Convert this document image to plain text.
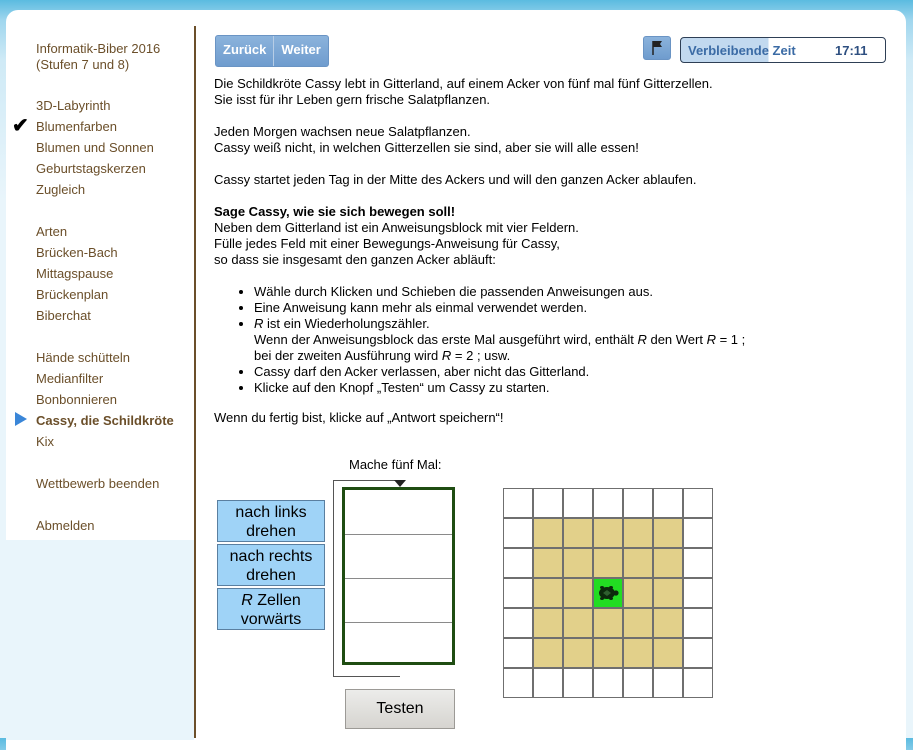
Informatik-Biber 2016
(Stufen 7 und 8)
3D-Labyrinth
✔ Blumenfarben
Blumen und Sonnen
Geburtstagskerzen
Zugleich
Arten
Brücken-Bach
Mittagspause
Brückenplan
Biberchat
Hände schütteln
Medianfilter
Bonbonnieren
Cassy, die Schildkröte
Kix
Wettbewerb beenden
Abmelden
Zurück	Weiter	Verbleibende Zeit	17:11

Die Schildkröte Cassy lebt in Gitterland, auf einem Acker von fünf mal fünf Gitterzellen.
Sie isst für ihr Leben gern frische Salatpflanzen.

Jeden Morgen wachsen neue Salatpflanzen.
Cassy weiß nicht, in welchen Gitterzellen sie sind, aber sie will alle essen!

Cassy startet jeden Tag in der Mitte des Ackers und will den ganzen Acker ablaufen.

Sage Cassy, wie sie sich bewegen soll!
Neben dem Gitterland ist ein Anweisungsblock mit vier Feldern.
Fülle jedes Feld mit einer Bewegungs-Anweisung für Cassy,
so dass sie insgesamt den ganzen Acker abläuft:

• Wähle durch Klicken und Schieben die passenden Anweisungen aus.
• Eine Anweisung kann mehr als einmal verwendet werden.
• R ist ein Wiederholungszähler.
Wenn der Anweisungsblock das erste Mal ausgeführt wird, enthält R den Wert R = 1 ;
bei der zweiten Ausführung wird R = 2 ; usw.
• Cassy darf den Acker verlassen, aber nicht das Gitterland.
• Klicke auf den Knopf „Testen“ um Cassy zu starten.

Wenn du fertig bist, klicke auf „Antwort speichern“!

Mache fünf Mal:
nach links
drehen
nach rechts
drehen
R Zellen
vorwärts
Testen
